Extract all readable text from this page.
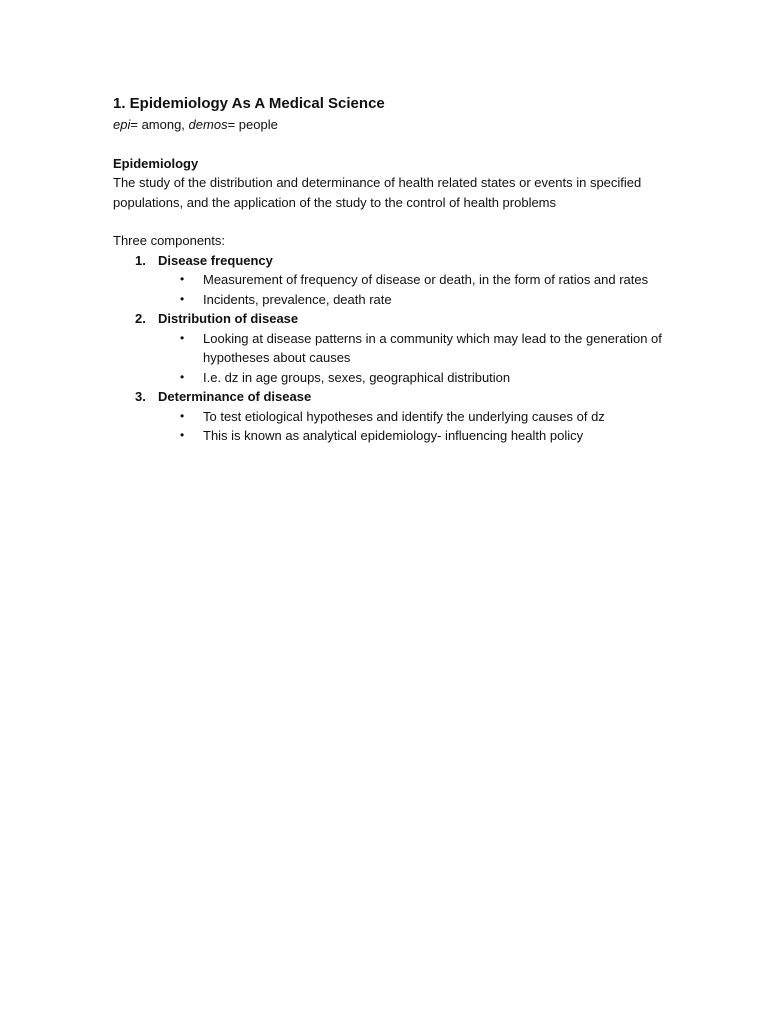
1. Epidemiology As A Medical Science

epi= among, demos= people

Epidemiology

The study of the distribution and determinance of health related states or events in specified populations, and the application of the study to the control of health problems

Three components:

1. Disease frequency
• Measurement of frequency of disease or death, in the form of ratios and rates
• Incidents, prevalence, death rate
2. Distribution of disease
• Looking at disease patterns in a community which may lead to the generation of hypotheses about causes
• I.e. dz in age groups, sexes, geographical distribution
3. Determinance of disease
• To test etiological hypotheses and identify the underlying causes of dz
• This is known as analytical epidemiology- influencing health policy
